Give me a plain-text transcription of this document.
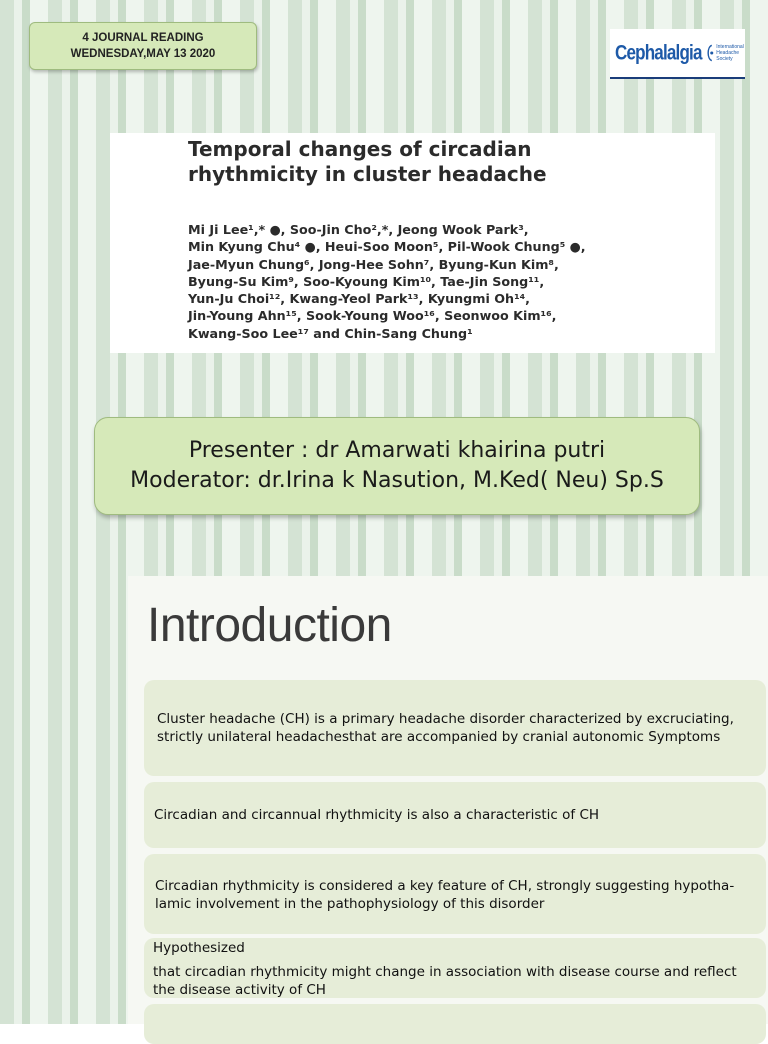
4 JOURNAL READING
WEDNESDAY,MAY 13 2020	Cephalalgia	International Headache Society
Temporal changes of circadian
rhythmicity in cluster headache

Mi Ji Lee¹,* ●, Soo-Jin Cho²,*, Jeong Wook Park³,

Min Kyung Chu⁴ ●, Heui-Soo Moon⁵, Pil-Wook Chung⁵ ●,

Jae-Myun Chung⁶, Jong-Hee Sohn⁷, Byung-Kun Kim⁸,

Byung-Su Kim⁹, Soo-Kyoung Kim¹⁰, Tae-Jin Song¹¹,

Yun-Ju Choi¹², Kwang-Yeol Park¹³, Kyungmi Oh¹⁴,

Jin-Young Ahn¹⁵, Sook-Young Woo¹⁶, Seonwoo Kim¹⁶,

Kwang-Soo Lee¹⁷ and Chin-Sang Chung¹

Presenter : dr Amarwati khairina putri
Moderator: dr.Irina k Nasution, M.Ked( Neu) Sp.S
Introduction

Cluster headache (CH) is a primary headache disorder characterized by excruciating, strictly unilateral headachesthat are accompanied by cranial autonomic Symptoms

Circadian and circannual rhythmicity is also a characteristic of CH

Circadian rhythmicity is considered a key feature of CH, strongly suggesting hypotha-lamic involvement in the pathophysiology of this disorder

Hypothesized

that circadian rhythmicity might change in association with disease course and reflect the disease activity of CH
